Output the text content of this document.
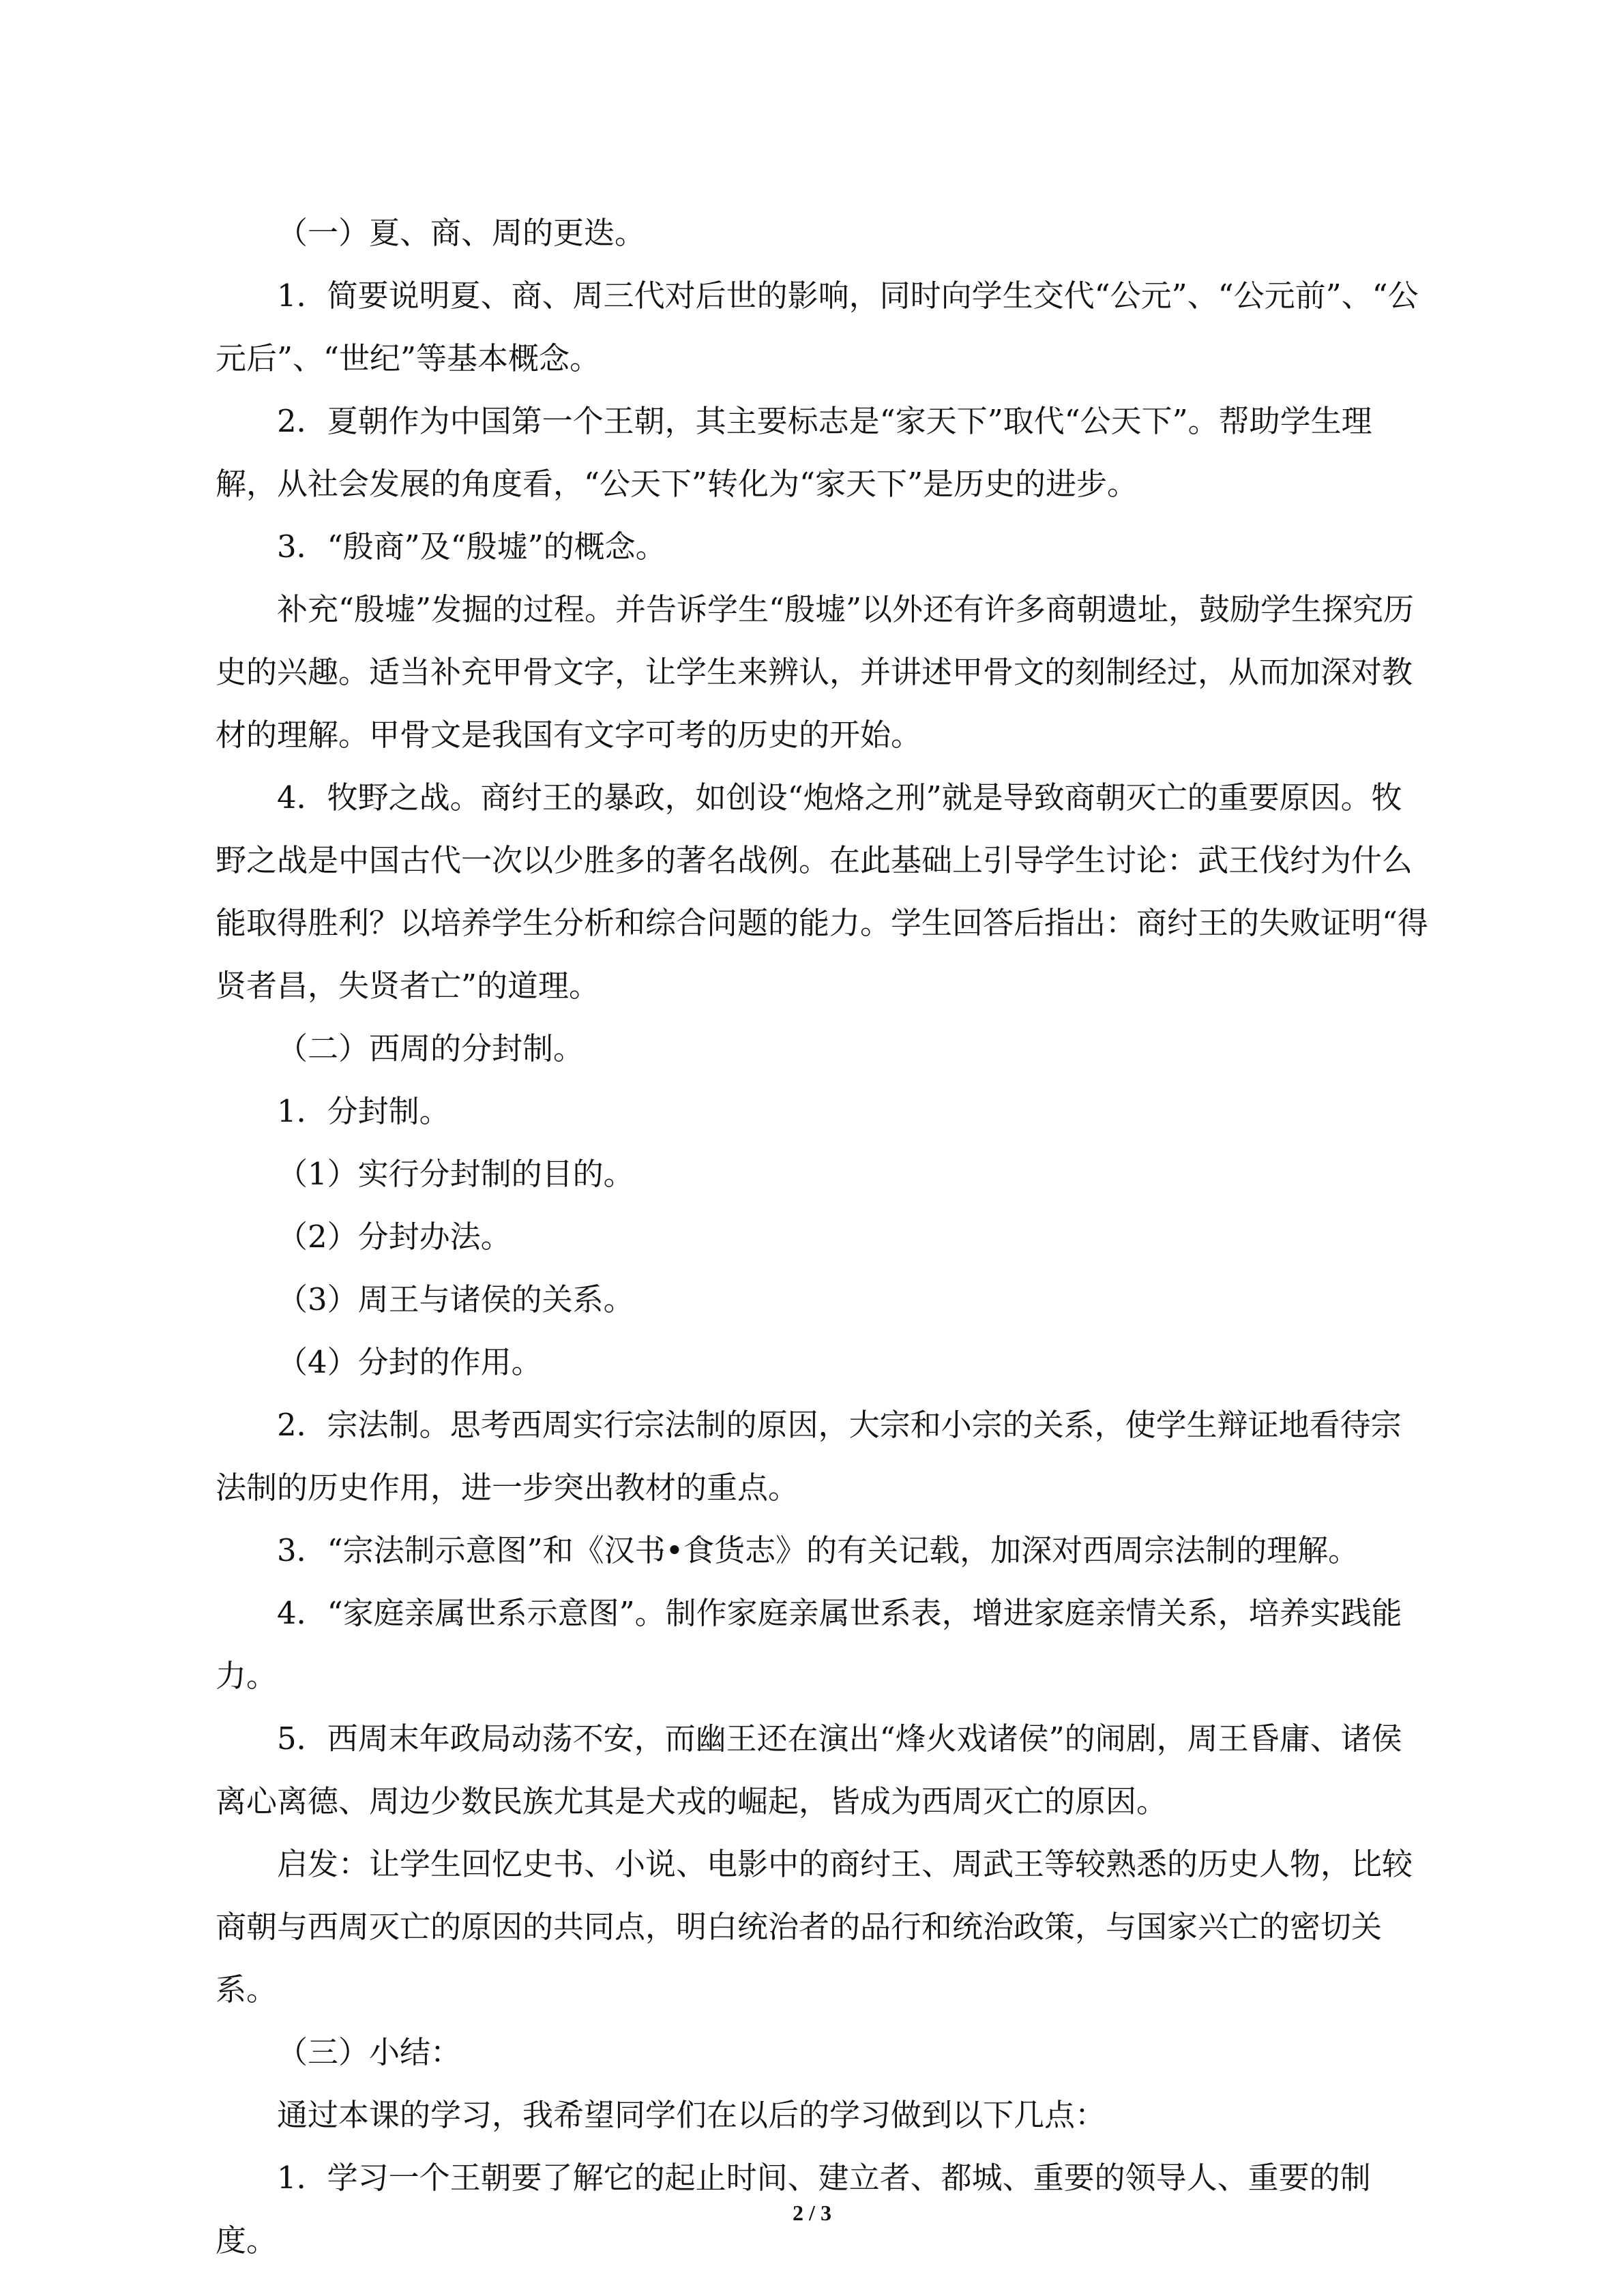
（一）夏、商、周的更迭。

1．简要说明夏、商、周三代对后世的影响，同时向学生交代“公元”、“公元前”、“公元后”、“世纪”等基本概念。

2．夏朝作为中国第一个王朝，其主要标志是“家天下”取代“公天下”。帮助学生理解，从社会发展的角度看，“公天下”转化为“家天下”是历史的进步。

3．“殷商”及“殷墟”的概念。

补充“殷墟”发掘的过程。并告诉学生“殷墟”以外还有许多商朝遗址，鼓励学生探究历史的兴趣。适当补充甲骨文字，让学生来辨认，并讲述甲骨文的刻制经过，从而加深对教材的理解。甲骨文是我国有文字可考的历史的开始。

4．牧野之战。商纣王的暴政，如创设“炮烙之刑”就是导致商朝灭亡的重要原因。牧野之战是中国古代一次以少胜多的著名战例。在此基础上引导学生讨论：武王伐纣为什么能取得胜利？以培养学生分析和综合问题的能力。学生回答后指出：商纣王的失败证明“得贤者昌，失贤者亡”的道理。

（二）西周的分封制。

1．分封制。

（1）实行分封制的目的。

（2）分封办法。

（3）周王与诸侯的关系。

（4）分封的作用。

2．宗法制。思考西周实行宗法制的原因，大宗和小宗的关系，使学生辩证地看待宗法制的历史作用，进一步突出教材的重点。

3．“宗法制示意图”和《汉书•食货志》的有关记载，加深对西周宗法制的理解。

4．“家庭亲属世系示意图”。制作家庭亲属世系表，增进家庭亲情关系，培养实践能力。

5．西周末年政局动荡不安，而幽王还在演出“烽火戏诸侯”的闹剧，周王昏庸、诸侯离心离德、周边少数民族尤其是犬戎的崛起，皆成为西周灭亡的原因。

启发：让学生回忆史书、小说、电影中的商纣王、周武王等较熟悉的历史人物，比较商朝与西周灭亡的原因的共同点，明白统治者的品行和统治政策，与国家兴亡的密切关系。

（三）小结：

通过本课的学习，我希望同学们在以后的学习做到以下几点：

1．学习一个王朝要了解它的起止时间、建立者、都城、重要的领导人、重要的制度。

2 / 3
